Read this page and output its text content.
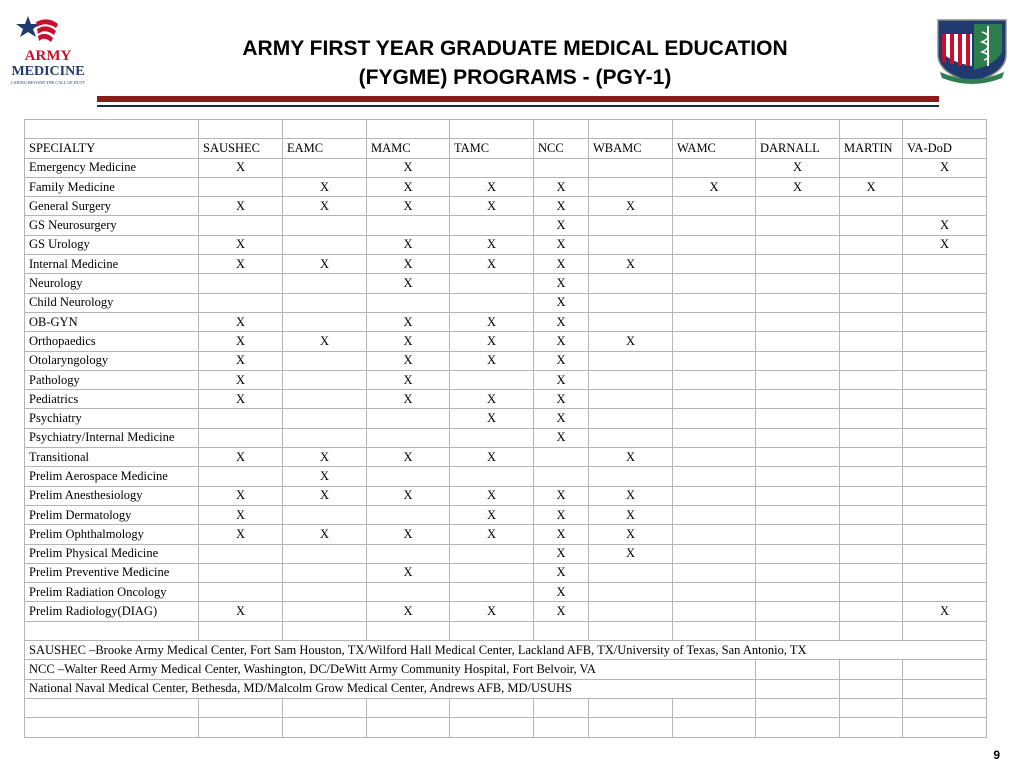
ARMY
MEDICINE
CARING BEYOND THE CALL OF DUTY
ARMY FIRST YEAR GRADUATE MEDICAL EDUCATION
(FYGME) PROGRAMS - (PGY-1)

SPECIALTY	SAUSHEC	EAMC	MAMC	TAMC	NCC	WBAMC	WAMC	DARNALL	MARTIN	VA-DoD
Emergency Medicine	X		X					X		X
Family Medicine		X	X	X	X		X	X	X	
General Surgery	X	X	X	X	X	X				
GS Neurosurgery					X					X
GS Urology	X		X	X	X					X
Internal Medicine	X	X	X	X	X	X				
Neurology			X		X					
Child Neurology					X					
OB-GYN	X		X	X	X					
Orthopaedics	X	X	X	X	X	X				
Otolaryngology	X		X	X	X					
Pathology	X		X		X					
Pediatrics	X		X	X	X					
Psychiatry				X	X					
Psychiatry/Internal Medicine					X					
Transitional	X	X	X	X		X				
Prelim Aerospace Medicine		X								
Prelim Anesthesiology	X	X	X	X	X	X				
Prelim Dermatology	X			X	X	X				
Prelim Ophthalmology	X	X	X	X	X	X				
Prelim Physical Medicine					X	X				
Prelim Preventive Medicine			X		X					
Prelim Radiation Oncology					X					
Prelim Radiology(DIAG)	X		X	X	X					X

SAUSHEC –Brooke Army Medical Center, Fort Sam Houston, TX/Wilford Hall Medical Center, Lackland AFB, TX/University of Texas, San Antonio, TX										
NCC –Walter Reed Army Medical Center, Washington, DC/DeWitt Army Community Hospital, Fort Belvoir, VA										
National Naval Medical Center, Bethesda, MD/Malcolm Grow Medical Center, Andrews AFB, MD/USUHS										

9
